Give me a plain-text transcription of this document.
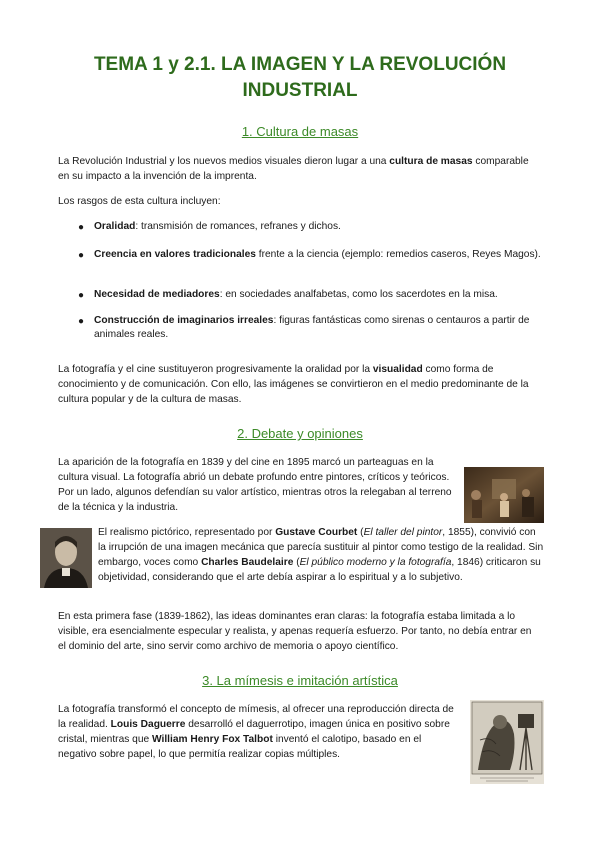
TEMA 1 y 2.1. LA IMAGEN Y LA REVOLUCIÓN INDUSTRIAL
1. Cultura de masas
La Revolución Industrial y los nuevos medios visuales dieron lugar a una cultura de masas comparable en su impacto a la invención de la imprenta.
Los rasgos de esta cultura incluyen:
● Oralidad: transmisión de romances, refranes y dichos.
● Creencia en valores tradicionales frente a la ciencia (ejemplo: remedios caseros, Reyes Magos).
● Necesidad de mediadores: en sociedades analfabetas, como los sacerdotes en la misa.
● Construcción de imaginarios irreales: figuras fantásticas como sirenas o centauros a partir de animales reales.
La fotografía y el cine sustituyeron progresivamente la oralidad por la visualidad como forma de conocimiento y de comunicación. Con ello, las imágenes se convirtieron en el medio predominante de la cultura popular y de la cultura de masas.
2. Debate y opiniones
La aparición de la fotografía en 1839 y del cine en 1895 marcó un parteaguas en la cultura visual. La fotografía abrió un debate profundo entre pintores, críticos y teóricos. Por un lado, algunos defendían su valor artístico, mientras otros la relegaban al terreno de la técnica y la industria.
El realismo pictórico, representado por Gustave Courbet (El taller del pintor, 1855), convivió con la irrupción de una imagen mecánica que parecía sustituir al pintor como testigo de la realidad. Sin embargo, voces como Charles Baudelaire (El público moderno y la fotografía, 1846) criticaron su objetividad, considerando que el arte debía aspirar a lo espiritual y a lo subjetivo.
En esta primera fase (1839-1862), las ideas dominantes eran claras: la fotografía estaba limitada a lo visible, era esencialmente especular y realista, y apenas requería esfuerzo. Por tanto, no debía entrar en el dominio del arte, sino servir como archivo de memoria o apoyo científico.
3. La mímesis e imitación artística
La fotografía transformó el concepto de mímesis, al ofrecer una reproducción directa de la realidad. Louis Daguerre desarrolló el daguerrotipo, imagen única en positivo sobre cristal, mientras que William Henry Fox Talbot inventó el calotipo, basado en el negativo sobre papel, lo que permitía realizar copias múltiples.
